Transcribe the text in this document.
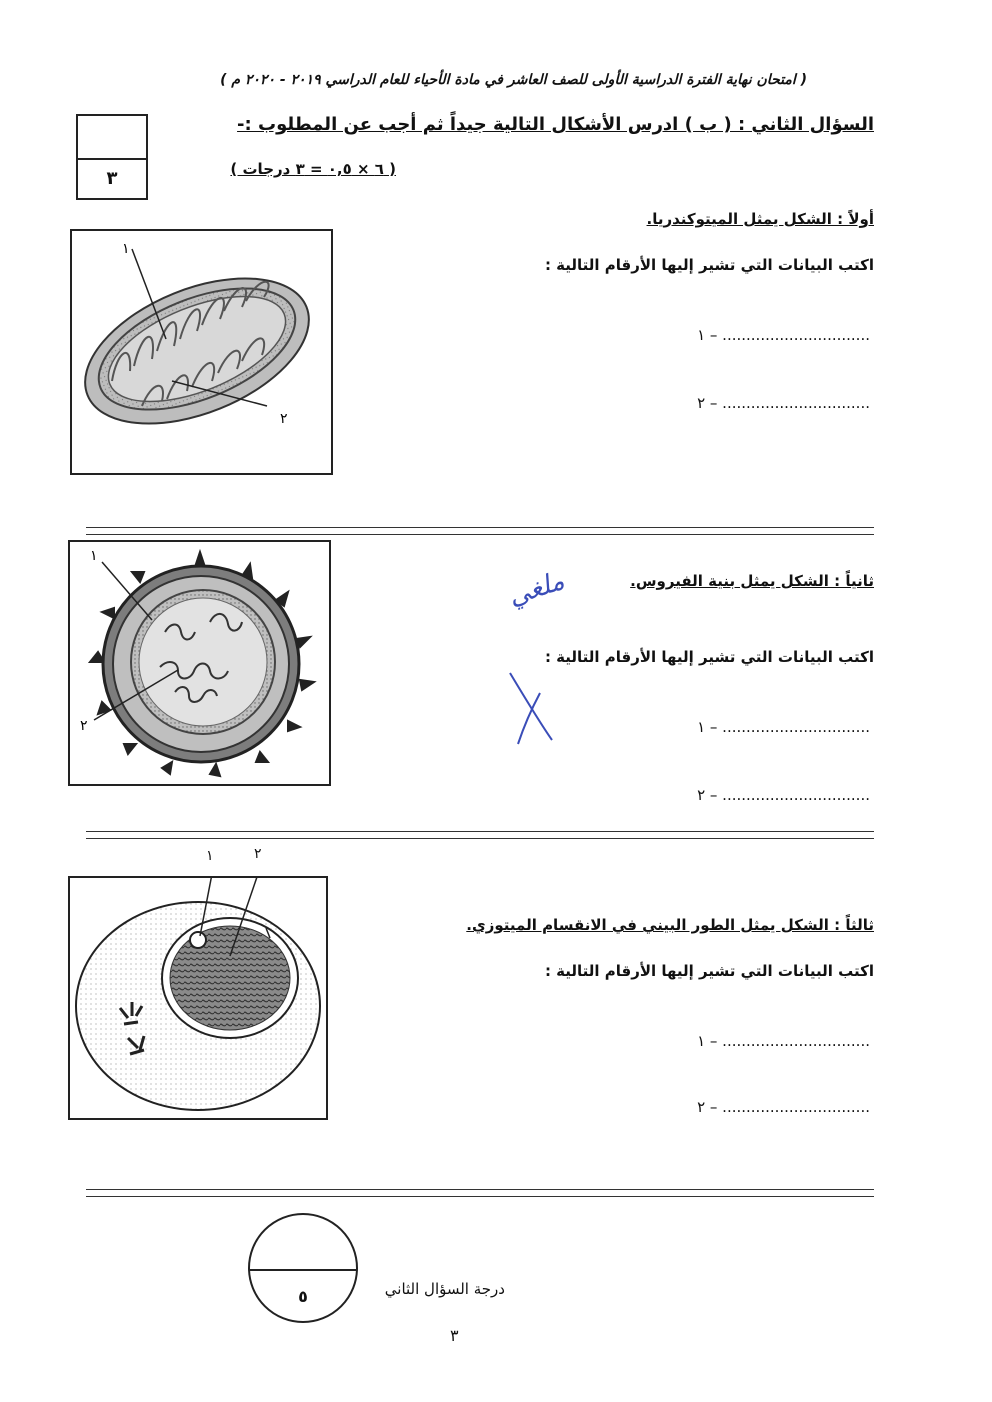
( امتحان نهاية الفترة الدراسية الأولى للصف العاشر في مادة الأحياء للعام الدراسي ٢٠١٩ - ٢٠٢٠ م )
السؤال الثاني : ( ب ) ادرس الأشكال التالية جيداً ثم أجب عن المطلوب :-
( ٦ × ٠,٥ = ٣ درجات )
٣
أولاً : الشكل يمثل الميتوكندريا.
اكتب البيانات التي تشير إليها الأرقام التالية :
١ – ...............................
٢ – ...............................
١
٢
ثانياً : الشكل يمثل بنية الفيروس.
اكتب البيانات التي تشير إليها الأرقام التالية :
١ – ...............................
٢ – ...............................
ملغي
١
٢
ثالثاً : الشكل يمثل الطور البيني في الانقسام الميتوزي.
اكتب البيانات التي تشير إليها الأرقام التالية :
١ – ...............................
٢ – ...............................
١	٢
٥	درجة السؤال الثاني
٣
